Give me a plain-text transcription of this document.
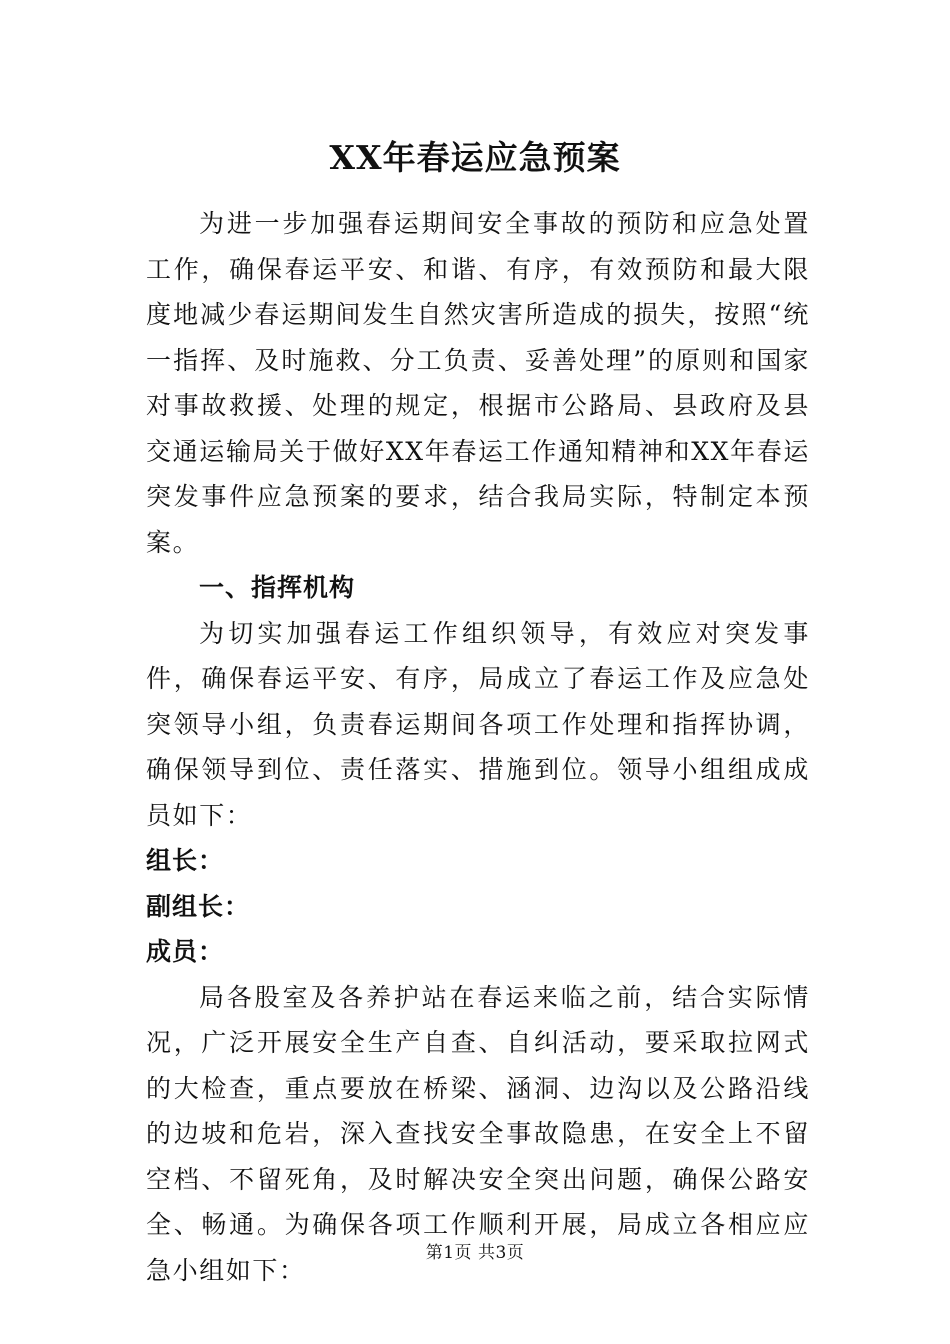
XX年春运应急预案

为进一步加强春运期间安全事故的预防和应急处置工作，确保春运平安、和谐、有序，有效预防和最大限度地减少春运期间发生自然灾害所造成的损失，按照“统一指挥、及时施救、分工负责、妥善处理”的原则和国家对事故救援、处理的规定，根据市公路局、县政府及县交通运输局关于做好XX年春运工作通知精神和XX年春运突发事件应急预案的要求，结合我局实际，特制定本预案。

一、指挥机构

为切实加强春运工作组织领导，有效应对突发事件，确保春运平安、有序，局成立了春运工作及应急处突领导小组，负责春运期间各项工作处理和指挥协调，确保领导到位、责任落实、措施到位。领导小组组成成员如下：

组长：

副组长：

成员：

局各股室及各养护站在春运来临之前，结合实际情况，广泛开展安全生产自查、自纠活动，要采取拉网式的大检查，重点要放在桥梁、涵洞、边沟以及公路沿线的边坡和危岩，深入查找安全事故隐患，在安全上不留空档、不留死角，及时解决安全突出问题，确保公路安全、畅通。为确保各项工作顺利开展，局成立各相应应急小组如下：

第1页 共3页
